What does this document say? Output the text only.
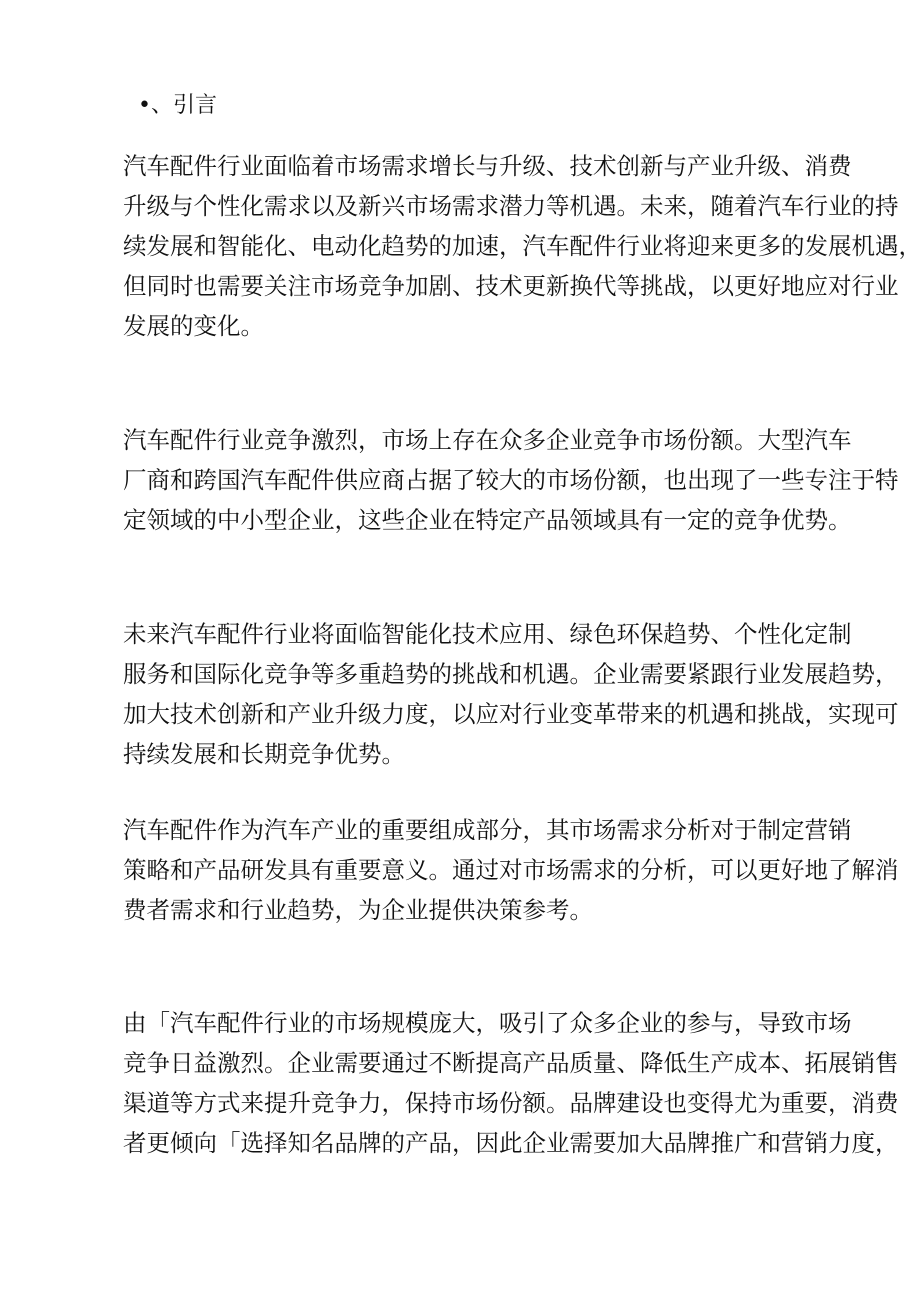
•、引言
汽车配件行业面临着市场需求增长与升级、技术创新与产业升级、消费
升级与个性化需求以及新兴市场需求潜力等机遇。未来，随着汽车行业的持
续发展和智能化、电动化趋势的加速，汽车配件行业将迎来更多的发展机遇，
但同时也需要关注市场竞争加剧、技术更新换代等挑战，以更好地应对行业
发展的变化。
汽车配件行业竞争激烈，市场上存在众多企业竞争市场份额。大型汽车
厂商和跨国汽车配件供应商占据了较大的市场份额，也出现了一些专注于特
定领域的中小型企业，这些企业在特定产品领域具有一定的竞争优势。
未来汽车配件行业将面临智能化技术应用、绿色环保趋势、个性化定制
服务和国际化竞争等多重趋势的挑战和机遇。企业需要紧跟行业发展趋势，
加大技术创新和产业升级力度，以应对行业变革带来的机遇和挑战，实现可
持续发展和长期竞争优势。
汽车配件作为汽车产业的重要组成部分，其市场需求分析对于制定营销
策略和产品研发具有重要意义。通过对市场需求的分析，可以更好地了解消
费者需求和行业趋势，为企业提供决策参考。
由「汽车配件行业的市场规模庞大，吸引了众多企业的参与，导致市场
竞争日益激烈。企业需要通过不断提高产品质量、降低生产成本、拓展销售
渠道等方式来提升竞争力，保持市场份额。品牌建设也变得尤为重要，消费
者更倾向「选择知名品牌的产品，因此企业需要加大品牌推广和营销力度，
